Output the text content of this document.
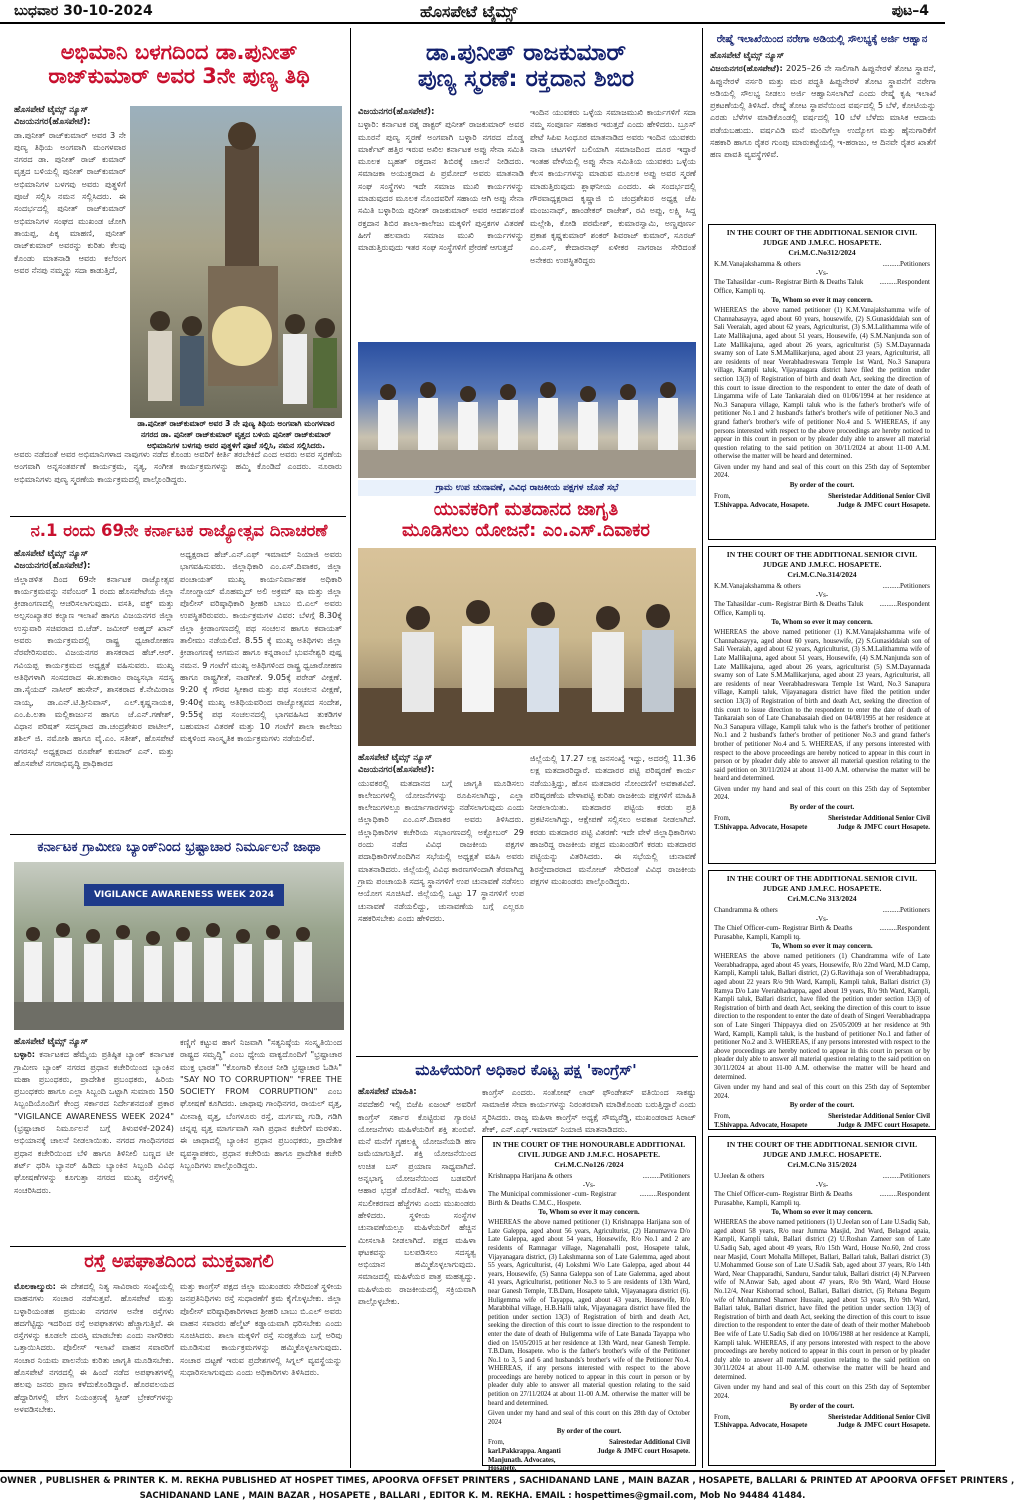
ಬುಧವಾರ 30-10-2024	ಹೊಸಪೇಟೆ ಟೈಮ್ಸ್	ಪುಟ–4
ಅಭಿಮಾನಿ ಬಳಗದಿಂದ ಡಾ.ಪುನೀತ್
ರಾಜ್‌ಕುಮಾರ್ ಅವರ 3ನೇ ಪುಣ್ಯ ತಿಥಿ
ಹೊಸಪೇಟೆ ಟೈಮ್ಸ್ ನ್ಯೂಸ್
ವಿಜಯನಗರ(ಹೊಸಪೇಟೆ):
ಡಾ.ಪುನೀತ್ ರಾಜ್‌ಕುಮಾರ್ ಅವರ 3 ನೇ ಪುಣ್ಯ ತಿಥಿಯ ಅಂಗವಾಗಿ ಮಂಗಳವಾರ ನಗರದ ಡಾ. ಪುನೀತ್ ರಾಜ್ ಕುಮಾರ್ ವೃತ್ತದ ಬಳಿಯಲ್ಲಿ ಪುನೀತ್ ರಾಜ್‌ಕುಮಾರ್ ಅಭಿಮಾನಿಗಳ ಬಳಗವು ಅವರು ಪುತ್ಥಳಿಗೆ ಪೂಜೆ ಸಲ್ಲಿಸಿ ನಮನ ಸಲ್ಲಿಸಿದರು. ಈ ಸಂದರ್ಭದಲ್ಲಿ ಪುನೀತ್ ರಾಜ್‌ಕುಮಾರ್ ಅಭಿಮಾನಿಗಳ ಸಂಘದ ಮುಖಂಡ ಜೋಗಿ ತಾಯಪ್ಪ, ಪಿಕ್ಕ ಮಾಹಣಿ, ಪುನೀತ್ ರಾಜ್‌ಕುಮಾರ್ ಅವರನ್ನು ಕುರಿತು ಕೆಲವು ಕೊಂಡು ಮಾತನಾಡಿ ಆವರು ಕಲೆರಂಗ ಅವರ ನೆನಪು ನಮ್ಮನ್ನು ಸದಾ ಕಾಡುತ್ತಿದೆ,
ಡಾ.ಪುನೀತ್ ರಾಜ್‌ಕುಮಾರ್ ಅವರ 3 ನೇ ಪುಣ್ಯ ತಿಥಿಯ ಅಂಗವಾಗಿ ಮಂಗಳವಾರ ನಗರದ ಡಾ. ಪುನೀತ್ ರಾಜ್‌ಕುಮಾರ್ ವೃತ್ತದ ಬಳಿಯ ಪುನೀತ್ ರಾಜ್‌ಕುಮಾರ್ ಅಭಿಮಾನಿಗಳ ಬಳಗವು ಅವರ ಪುತ್ಥಳಿಗೆ ಪೂಜೆ ಸಲ್ಲಿಸಿ, ನಮನ ಸಲ್ಲಿಸಿದರು.
ಅವರು ನಡೆದಂತೆ ಅವರ ಅಭಿಮಾನಿಗಳಾದ ನಾವುಗಳು ನಡೆದ ಕೊಂಡು ಅವರಿಗೆ ಕೀರ್ತಿ ತರಬೇಕಿದೆ ಎಂದ ಅವರು ಅವರ ಸ್ಮರಣೆಯ ಅಂಗವಾಗಿ ಅನ್ನಸಂತರ್ಪಣೆ ಕಾರ್ಯಕ್ರಮ, ನೃತ್ಯ, ಸಂಗೀತ ಕಾರ್ಯಕ್ರಮಗಳನ್ನು ಹಮ್ಮಿ ಕೊಂಡಿದೆ ಎಂದರು. ನೂರಾರು ಅಭಿಮಾನಿಗಳು ಪುಣ್ಯ ಸ್ಮರಣೆಯ ಕಾರ್ಯಕ್ರಮದಲ್ಲಿ ಪಾಲ್ಗೊಂಡಿದ್ದರು.
ನ.1 ರಂದು 69ನೇ ಕರ್ನಾಟಕ ರಾಜ್ಯೋತ್ಸವ ದಿನಾಚರಣೆ
ಹೊಸಪೇಟೆ ಟೈಮ್ಸ್ ನ್ಯೂಸ್
ವಿಜಯನಗರ(ಹೊಸಪೇಟೆ):
ಜಿಲ್ಲಾಡಳಿತ ದಿಂದ 69ನೇ ಕರ್ನಾಟಕ ರಾಜ್ಯೋತ್ಸವ ಕಾರ್ಯಕ್ರಮವನ್ನು ನವೆಂಬರ್ 1 ರಂದು ಹೊಸಪೇಟೆಯ ಜಿಲ್ಲಾ ಕ್ರೀಡಾಂಗಣದಲ್ಲಿ ಆಚರಿಸಲಾಗುವುದು. ವಸತಿ, ವಕ್ಫ್ ಮತ್ತು ಅಲ್ಪಸಂಖ್ಯಾತರ ಕಲ್ಯಾಣ ಇಲಾಖೆ ಹಾಗೂ ವಿಜಯನಗರ ಜಿಲ್ಲಾ ಉಸ್ತುವಾರಿ ಸಚಿವರಾದ ಬಿ.ಜೆಡ್. ಜಮೀರ್ ಅಹ್ಮದ್ ಖಾನ್ ಅವರು ಕಾರ್ಯಕ್ರಮದಲ್ಲಿ ರಾಷ್ಟ್ರ ಧ್ವಜಾರೋಹಣ ನೆರವೇರಿಸುವರು. ವಿಜಯನಗರ ಶಾಸಕರಾದ ಹೆಚ್.ಆರ್. ಗವಿಯಪ್ಪ ಕಾರ್ಯಕ್ರಮದ ಅಧ್ಯಕ್ಷತೆ ವಹಿಸುವರು. ಮುಖ್ಯ ಅತಿಥಿಗಳಾಗಿ ಸಂಸದರಾದ ಈ.ತುಕಾರಾಂ ರಾಜ್ಯಸಭಾ ಸದಸ್ಯ ಡಾ.ಸೈಯದ್ ನಾಸೀರ್ ಹುಸೇನ್, ಶಾಸಕರಾದ ಕೆ.ನೇಮಿರಾಜ ನಾಯ್ಕ, ಡಾ.ಎನ್.ಟಿ.ಶ್ರೀನಿವಾಸ್, ಎಲ್.ಕೃಷ್ಣನಾಯಕ, ಎಂ.ಪಿ.ಲತಾ ಮಲ್ಲಿಕಾರ್ಜುನ ಹಾಗೂ ಜೆ.ಎನ್.ಗಣೇಶ್, ವಿಧಾನ ಪರಿಷತ್ ಸದಸ್ಯರಾದ ಡಾ.ಚಂದ್ರಶೇಖರ ಪಾಟೀಲ್, ಶಶಿಲ್ ಜಿ. ನಮೋಶಿ ಹಾಗೂ ವೈ.ಎಂ. ಸತೀಶ್, ಹೊಸಪೇಟೆ ನಗರಸಭೆ ಅಧ್ಯಕ್ಷರಾದ ರೂಪೇಶ್ ಕುಮಾರ್ ಎನ್. ಮತ್ತು ಹೊಸಪೇಟೆ ನಗರಾಭಿವೃದ್ಧಿ ಪ್ರಾಧಿಕಾರದ
ಅಧ್ಯಕ್ಷರಾದ ಹೆಚ್.ಎನ್.ಎಫ್ ಇಮಾಮ್ ನಿಯಾಜಿ ಅವರು ಭಾಗವಹಿಸುವರು. ಜಿಲ್ಲಾಧಿಕಾರಿ ಎಂ.ಎಸ್.ದಿವಾಕರ, ಜಿಲ್ಲಾ ಪಂಚಾಯತ್ ಮುಖ್ಯ ಕಾರ್ಯನಿರ್ವಾಹಕ ಅಧಿಕಾರಿ ನೋಂಗ್ಜಾಯ್ ಮೊಹಮ್ಮದ್ ಅಲಿ ಅಕ್ರಮ್ ಷಾ ಮತ್ತು ಜಿಲ್ಲಾ ಪೊಲೀಸ್ ವರಿಷ್ಠಾಧಿಕಾರಿ ಶ್ರೀಹರಿ ಬಾಬು ಬಿ.ಎಲ್ ಅವರು ಉಪಸ್ಥಿತರಿರುವರು. ಕಾರ್ಯಕ್ರಮಗಳ ವಿವರ: ಬೆಳಗ್ಗೆ 8.30ಕ್ಕೆ ಜಿಲ್ಲಾ ಕ್ರೀಡಾಂಗಣದಲ್ಲಿ ಪಥ ಸಂಚಲನ ಹಾಗೂ ಕವಾಯತ್ ತಾಲೀಮು ನಡೆಯಲಿದೆ. 8.55 ಕ್ಕೆ ಮುಖ್ಯ ಅತಿಥಿಗಳು ಜಿಲ್ಲಾ ಕ್ರೀಡಾಂಗಣಕ್ಕೆ ಆಗಮನ ಹಾಗೂ ಕನ್ನಡಾಂಬೆ ಭುವನೇಶ್ವರಿ ಪುಷ್ಪ ನಮನ. 9 ಗಂಟೆಗೆ ಮುಖ್ಯ ಅತಿಥಿಗಳಿಂದ ರಾಷ್ಟ್ರ ಧ್ವಜಾರೋಹಣ ಹಾಗೂ ರಾಷ್ಟ್ರಗೀತೆ, ನಾಡಗೀತೆ. 9.05ಕ್ಕೆ ಪರೇಡ್ ವೀಕ್ಷಣೆ. 9:20 ಕ್ಕೆ ಗೌರವ ಸ್ವೀಕಾರ ಮತ್ತು ಪಥ ಸಂಚಲನ ವೀಕ್ಷಣೆ, 9:40ಕ್ಕೆ ಮುಖ್ಯ ಅತಿಥಿಯವರಿಂದ ರಾಜ್ಯೋತ್ಸವದ ಸಂದೇಶ, 9:55ಕ್ಕೆ ಪಥ ಸಂಚಲನದಲ್ಲಿ ಭಾಗವಹಿಸಿದ ತುಕಡಿಗಳ ಬಹುಮಾನ ವಿತರಣೆ ಮತ್ತು 10 ಗಂಟೆಗೆ ಶಾಲಾ ಕಾಲೇಜು ಮಕ್ಕಳಿಂದ ಸಾಂಸ್ಕೃತಿಕ ಕಾರ್ಯಕ್ರಮಗಳು ನಡೆಯಲಿವೆ.
ಕರ್ನಾಟಕ ಗ್ರಾಮೀಣ ಬ್ಯಾಂಕ್‌ನಿಂದ ಭ್ರಷ್ಟಾಚಾರ ನಿರ್ಮೂಲನೆ ಜಾಥಾ
VIGILANCE AWARENESS WEEK 2024
ಹೊಸಪೇಟೆ ಟೈಮ್ಸ್ ನ್ಯೂಸ್
ಬಳ್ಳಾರಿ: ಕರ್ನಾಟಕದ ಹೆಮ್ಮೆಯ ಪ್ರತಿಷ್ಠಿತ ಬ್ಯಾಂಕ್ ಕರ್ನಾಟಕ ಗ್ರಾಮೀಣ ಬ್ಯಾಂಕ್ ನಗರದ ಪ್ರಧಾನ ಕಚೇರಿಯಿಂದ ಬ್ಯಾಂಕಿನ ಮಹಾ ಪ್ರಬಂಧಕರು, ಪ್ರಾದೇಶಿಕ ಪ್ರಬಂಧಕರು, ಹಿರಿಯ ಪ್ರಬಂಧಕರು ಹಾಗೂ ಎಲ್ಲಾ ಸಿಬ್ಬಂದಿ ಒಟ್ಟಾಗಿ ಸುಮಾರು 150 ಸಿಬ್ಬಂದಿಯೊಂದಿಗೆ ಕೇಂದ್ರ ಸರ್ಕಾರದ ನಿರ್ದೇಶನದಂತೆ ಪ್ರಕಾರ "VIGILANCE AWARENESS WEEK 2024"(ಭ್ರಷ್ಟಾಚಾರ ನಿರ್ಮೂಲನೆ ಬಗ್ಗೆ ತಿಳುವಳಿಕೆ-2024) ಅಭಿಯಾನಕ್ಕೆ ಚಾಲನೆ ನೀಡಲಾಯಿತು. ನಗರದ ಗಾಂಧಿನಗರದ ಪ್ರಧಾನ ಕಚೇರಿಯಿಂದ ಬೆಳಿ ಹಾಗೂ ತಿಳಿನೀಲಿ ಬಣ್ಣದ ಟೀ ಶರ್ಟ್ ಧರಿಸಿ ಬ್ಯಾನರ್ ಹಿಡಿದು ಬ್ಯಾಂಕಿನ ಸಿಬ್ಬಂದಿ ವಿವಿಧ ಘೋಷಣೆಗಳನ್ನು ಕೂಗುತ್ತಾ ನಗರದ ಮುಖ್ಯ ರಸ್ತೆಗಳಲ್ಲಿ ಸಂಚರಿಸಿದರು.
ಕಣ್ಣಿಗೆ ಕಟ್ಟುವ ಹಾಗೆ ನಿಜವಾಗಿ "ಸತ್ಯನಿಷ್ಠೆಯ ಸಂಸ್ಕೃತಿಯಿಂದ ರಾಷ್ಟ್ರದ ಸಮೃದ್ಧಿ" ಎಂಬ ಧ್ಯೇಯ ವಾಕ್ಯದೊಂದಿಗೆ "ಭ್ರಷ್ಟಾಚಾರ ಮುಕ್ತ ಭಾರತ" "ಕೊಂಗಾರಿ ಕೊಂಚ ನೀಡಿ ಭ್ರಷ್ಟಾಚಾರ ಓಡಿಸಿ" "SAY NO TO CORRUPTION" "FREE THE SOCIETY FROM CORRUPTION" ಎಂಬ ಘೋಷಣೆ ಕೂಗಿದರು. ಜಾಥಾವು ಗಾಂಧಿನಗರ, ರಾಯಲ್ ವೃತ್ತ, ಮೀನಾಕ್ಷಿ ವೃತ್ತ, ಬೆಂಗಳೂರು ರಸ್ತೆ, ದುರ್ಗಮ್ಮ ಗುಡಿ, ಗಡಿಗಿ ಚನ್ನಪ್ಪ ವೃತ್ತ ಮಾರ್ಗವಾಗಿ ಸಾಗಿ ಪ್ರಧಾನ ಕಚೇರಿಗೆ ಮರಳಿತು. ಈ ಜಾಥಾದಲ್ಲಿ ಬ್ಯಾಂಕಿನ ಪ್ರಧಾನ ಪ್ರಬಂಧಕರು, ಪ್ರಾದೇಶಿಕ ವ್ಯವಸ್ಥಾಪಕರು, ಪ್ರಧಾನ ಕಚೇರಿಯ ಹಾಗೂ ಪ್ರಾದೇಶಿಕ ಕಚೇರಿ ಸಿಬ್ಬಂದಿಗಳು ಪಾಲ್ಗೊಂಡಿದ್ದರು.
ರಸ್ತೆ ಅಪಘಾತದಿಂದ ಮುಕ್ತವಾಗಲಿ
ಮೊಲಕಾಲ್ಮುರು: ಈ ದೇಶದಲ್ಲಿ ನಿತ್ಯ ಸಾವಿರಾರು ಸಂಖ್ಯೆಯಲ್ಲಿ ವಾಹನಗಳು ಸಂಚಾರ ನಡೆಸುತ್ತವೆ. ಹೊಸಪೇಟೆ ಮತ್ತು ಬಳ್ಳಾರಿಯಂತಹ ಪ್ರಮುಖ ನಗರಗಳ ಅನೇಕ ರಸ್ತೆಗಳು ಹದಗೆಟ್ಟಿದ್ದು ಇದರಿಂದ ರಸ್ತೆ ಅಪಘಾತಗಳು ಹೆಚ್ಚಾಗುತ್ತಿವೆ. ಈ ರಸ್ತೆಗಳನ್ನು ಕೂಡಲೇ ದುರಸ್ತಿ ಮಾಡಬೇಕು ಎಂದು ನಾಗರಿಕರು ಒತ್ತಾಯಿಸಿದರು. ಪೊಲೀಸ್ ಇಲಾಖೆ ವಾಹನ ಸವಾರರಿಗೆ ಸಂಚಾರ ನಿಯಮ ಪಾಲನೆಯ ಕುರಿತು ಜಾಗೃತಿ ಮೂಡಿಸಬೇಕು. ಹೊಸಪೇಟೆ ನಗರದಲ್ಲಿ ಈ ಹಿಂದೆ ನಡೆದ ಅಪಘಾತಗಳಲ್ಲಿ ಹಲವು ಜನರು ಪ್ರಾಣ ಕಳೆದುಕೊಂಡಿದ್ದಾರೆ. ಹೊರವಲಯದ ಹೆದ್ದಾರಿಗಳಲ್ಲಿ ವೇಗ ನಿಯಂತ್ರಣಕ್ಕೆ ಸ್ಪೀಡ್ ಬ್ರೇಕರ್‌ಗಳನ್ನು ಅಳವಡಿಸಬೇಕು.
ಮತ್ತು ಕಾಂಗ್ರೆಸ್ ಪಕ್ಷದ ಜಿಲ್ಲಾ ಮುಖಂಡರು ಸೇರಿದಂತೆ ಸ್ಥಳೀಯ ಜನಪ್ರತಿನಿಧಿಗಳು ರಸ್ತೆ ಸುಧಾರಣೆಗೆ ಕ್ರಮ ಕೈಗೊಳ್ಳಬೇಕು. ಜಿಲ್ಲಾ ಪೊಲೀಸ್ ವರಿಷ್ಠಾಧಿಕಾರಿಗಳಾದ ಶ್ರೀಹರಿ ಬಾಬು ಬಿ.ಎಲ್ ಅವರು ವಾಹನ ಸವಾರರು ಹೆಲ್ಮೆಟ್ ಕಡ್ಡಾಯವಾಗಿ ಧರಿಸಬೇಕು ಎಂದು ಸೂಚಿಸಿದರು. ಶಾಲಾ ಮಕ್ಕಳಿಗೆ ರಸ್ತೆ ಸುರಕ್ಷತೆಯ ಬಗ್ಗೆ ಅರಿವು ಮೂಡಿಸುವ ಕಾರ್ಯಕ್ರಮಗಳನ್ನು ಹಮ್ಮಿಕೊಳ್ಳಲಾಗುವುದು. ಸಂಚಾರ ದಟ್ಟಣೆ ಇರುವ ಪ್ರದೇಶಗಳಲ್ಲಿ ಸಿಗ್ನಲ್ ವ್ಯವಸ್ಥೆಯನ್ನು ಸುಧಾರಿಸಲಾಗುವುದು ಎಂದು ಅಧಿಕಾರಿಗಳು ತಿಳಿಸಿದರು.
ಡಾ.ಪುನೀತ್ ರಾಜಕುಮಾರ್
ಪುಣ್ಯ ಸ್ಮರಣೆ: ರಕ್ತದಾನ ಶಿಬಿರ
ವಿಜಯನಗರ(ಹೊಸಪೇಟೆ):
ಬಳ್ಳಾರಿ: ಕರ್ನಾಟಕ ರತ್ನ ಡಾಕ್ಟರ್ ಪುನೀತ್ ರಾಜಕುಮಾರ್ ಅವರ ಮೂರನೆ ಪುಣ್ಯ ಸ್ಮರಣೆ ಅಂಗವಾಗಿ ಬಳ್ಳಾರಿ ನಗರದ ದೊಡ್ಡ ಮಾರ್ಕೆಟ್ ಹತ್ತಿರ ಇರುವ ಅಖಿಲ ಕರ್ನಾಟಕ ಅಪ್ಪು ಸೇನಾ ಸಮಿತಿ ಮೂಲಕ ಬೃಹತ್ ರಕ್ತದಾನ ಶಿಬಿರಕ್ಕೆ ಚಾಲನೆ ನೀಡಿದರು. ಸಮಾಜಕಾ ಅಯುಕ್ತರಾದ ಪಿ ಪ್ರಮೋದ್ ಅವರು ಮಾತನಾಡಿ ಸಂಘ ಸಂಸ್ಥೆಗಳು ಇದೇ ಸಮಾಜ ಮುಖಿ ಕಾರ್ಯಗಳನ್ನು ಮಾಡುವುದರ ಮೂಲಕ ನೊಂದವರಿಗೆ ಸಹಾಯ ಆಗಿ ಅಪ್ಪು ಸೇನಾ ಸಮಿತಿ ಬಳ್ಳಾರಿಯ ಪುನೀತ್ ರಾಜಕುಮಾರ್ ಅವರ ಆದರ್ಶದಂತೆ ರಕ್ತದಾನ ಶಿಬಿರ ಶಾಲಾ-ಕಾಲೇಜು ಮಕ್ಕಳಿಗೆ ಪುಸ್ತಕಗಳ ವಿತರಣೆ ಹೀಗೆ ಹಲವಾರು ಸಮಾಜ ಮುಖಿ ಕಾರ್ಯಗಳನ್ನು ಮಾಡುತ್ತಿರುವುದು ಇತರ ಸಂಘ ಸಂಸ್ಥೆಗಳಿಗೆ ಪ್ರೇರಣೆ ಆಗುತ್ತದೆ
ಇಂದಿನ ಯುವಕರು ಒಳ್ಳೆಯ ಸಮಾಜಮುಖಿ ಕಾರ್ಯಗಳಿಗೆ ಸದಾ ನಮ್ಮ ಸಂಪೂರ್ಣ ಸಹಕಾರ ಇರುತ್ತದೆ ಎಂದು ಹೇಳಿದರು. ಬ್ರೂಸ್ ಪೇಟೆ ಸಿಪಿಐ ಸಿಂಧೂರ ಮಾತನಾಡಿದ ಅವರು ಇಂದಿನ ಯುವಕರು ನಾನಾ ಚಟಗಳಿಗೆ ಬಲಿಯಾಗಿ ಸಮಾಜದಿಂದ ದೂರ ಇದ್ದಾರೆ ಇಂತಹ ವೇಳೆಯಲ್ಲಿ ಅಪ್ಪು ಸೇನಾ ಸಮಿತಿಯ ಯುವಕರು ಒಳ್ಳೆಯ ಕೆಲಸ ಕಾರ್ಯಗಳನ್ನು ಮಾಡುವ ಮೂಲಕ ಅಪ್ಪು ಅವರ ಸ್ಮರಣೆ ಮಾಡುತ್ತಿರುವುದು ಶ್ಲಾಘನೀಯ ಎಂದರು. ಈ ಸಂದರ್ಭದಲ್ಲಿ ಗೌರವಾಧ್ಯಕ್ಷರಾದ ಕೃಷ್ಣಾಜಿ ಬಿ ಚಂದ್ರಶೇಖರ ಅಧ್ಯಕ್ಷ ಜೆಪಿ ಮಂಜುನಾಥ್, ಹಾಂಡೇಕರ್ ರಾಜೇಶ್, ರವಿ ಅಪ್ಪು, ಲಕ್ಷ್ಮಿ ಸಿದ್ದ ಮಲ್ಲೇಶಿ, ಕೋಡಿ ಪರಮೇಶ್, ಕುಮಾರಸ್ವಾಮಿ, ಅಣ್ಣಪೂರ್ಣ ಪ್ರಕಾಶ ಕೃಷ್ಣಕುಮಾರ್ ಶಂಕರ್ ಶಿವರಾಜ್ ಕುಮಾರ್, ಸೂರಜ್ ಎಂ.ಎಸ್, ಕೇದಾರನಾಥ್ ಏಳೀಕರ ನಾಗರಾಜ ಸೇರಿದಂತೆ ಅನೇಕರು ಉಪಸ್ಥಿತರಿದ್ದರು
ಗ್ರಾಮ ಉಪ ಚುನಾವಣೆ, ವಿವಿಧ ರಾಜಕೀಯ ಪಕ್ಷಗಳ ಜೊತೆ ಸಭೆ
ಯುವಕರಿಗೆ ಮತದಾನದ ಜಾಗೃತಿ
ಮೂಡಿಸಲು ಯೋಜನೆ: ಎಂ.ಎಸ್.ದಿವಾಕರ
ಹೊಸಪೇಟೆ ಟೈಮ್ಸ್ ನ್ಯೂಸ್
ವಿಜಯನಗರ(ಹೊಸಪೇಟೆ):
ಯುವಕರಲ್ಲಿ ಮತದಾನದ ಬಗ್ಗೆ ಜಾಗೃತಿ ಮೂಡಿಸಲು ಕಾಲೇಜುಗಳಲ್ಲಿ ಯೋಜನೆಗಳನ್ನು ರೂಪಿಸಲಾಗಿದ್ದು, ಎಲ್ಲಾ ಕಾಲೇಜುಗಳಲ್ಲೂ ಕಾರ್ಯಾಗಾರಗಳನ್ನು ನಡೆಸಲಾಗುವುದು ಎಂದು ಜಿಲ್ಲಾಧಿಕಾರಿ ಎಂ.ಎಸ್.ದಿವಾಕರ ಅವರು ತಿಳಿಸಿದರು. ಜಿಲ್ಲಾಧಿಕಾರಿಗಳ ಕಚೇರಿಯ ಸಭಾಂಗಣದಲ್ಲಿ ಅಕ್ಟೋಬರ್ 29 ರಂದು ನಡೆದ ವಿವಿಧ ರಾಜಕೀಯ ಪಕ್ಷಗಳ ಪದಾಧಿಕಾರಿಗಳೊಂದಿಗಿನ ಸಭೆಯಲ್ಲಿ ಅಧ್ಯಕ್ಷತೆ ವಹಿಸಿ ಅವರು ಮಾತನಾಡಿದರು. ಜಿಲ್ಲೆಯಲ್ಲಿ ವಿವಿಧ ಕಾರಣಗಳಿಂದಾಗಿ ತೆರವಾಗಿದ್ದ ಗ್ರಾಮ ಪಂಚಾಯತಿ ಸದಸ್ಯ ಸ್ಥಾನಗಳಿಗೆ ಉಪ ಚುನಾವಣೆ ನಡೆಸಲು ಆಯೋಗ ಸೂಚಿಸಿದೆ. ಜಿಲ್ಲೆಯಲ್ಲಿ ಒಟ್ಟು 17 ಸ್ಥಾನಗಳಿಗೆ ಉಪ ಚುನಾವಣೆ ನಡೆಯಲಿದ್ದು, ಚುನಾವಣೆಯ ಬಗ್ಗೆ ಎಲ್ಲರೂ ಸಹಕರಿಸಬೇಕು ಎಂದು ಹೇಳಿದರು.
ಜಿಲ್ಲೆಯಲ್ಲಿ 17.27 ಲಕ್ಷ ಜನಸಂಖ್ಯೆ ಇದ್ದು, ಅದರಲ್ಲಿ 11.36 ಲಕ್ಷ ಮತದಾರರಿದ್ದಾರೆ. ಮತದಾರರ ಪಟ್ಟಿ ಪರಿಷ್ಕರಣೆ ಕಾರ್ಯ ನಡೆಯುತ್ತಿದ್ದು, ಹೊಸ ಮತದಾರರ ನೋಂದಣಿಗೆ ಅವಕಾಶವಿದೆ. ಪರಿಷ್ಕರಣೆಯ ವೇಳಾಪಟ್ಟಿ ಕುರಿತು ರಾಜಕೀಯ ಪಕ್ಷಗಳಿಗೆ ಮಾಹಿತಿ ನೀಡಲಾಯಿತು. ಮತದಾರರ ಪಟ್ಟಿಯ ಕರಡು ಪ್ರತಿ ಪ್ರಕಟಿಸಲಾಗಿದ್ದು, ಆಕ್ಷೇಪಣೆ ಸಲ್ಲಿಸಲು ಅವಕಾಶ ನೀಡಲಾಗಿದೆ. ಕರಡು ಮತದಾರರ ಪಟ್ಟಿ ವಿತರಣೆ: ಇದೇ ವೇಳೆ ಜಿಲ್ಲಾಧಿಕಾರಿಗಳು ಹಾಜರಿದ್ದ ರಾಜಕೀಯ ಪಕ್ಷದ ಮುಖಂಡರಿಗೆ ಕರಡು ಮತದಾರರ ಪಟ್ಟಿಯನ್ನು ವಿತರಿಸಿದರು. ಈ ಸಭೆಯಲ್ಲಿ ಚುನಾವಣೆ ಶಿರಸ್ತೇದಾರರಾದ ಮನೋಜ್ ಸೇರಿದಂತೆ ವಿವಿಧ ರಾಜಕೀಯ ಪಕ್ಷಗಳ ಮುಖಂಡರು ಪಾಲ್ಗೊಂಡಿದ್ದರು.
ಮಹಿಳೆಯರಿಗೆ ಅಧಿಕಾರ ಕೊಟ್ಟ ಪಕ್ಷ 'ಕಾಂಗ್ರೆಸ್'
ಹೊಸಪೇಟೆ ಮಾಹಿತಿ:
ನವದೆಹಲಿ ಇಲ್ಲಿ ಬಿಜೆಪಿ ಏಜಂಟ್ ಅವರಿಗೆ ಕಾಂಗ್ರೆಸ್ ಸರ್ಕಾರ ಕೊಟ್ಟಿರುವ ಗ್ಯಾರಂಟಿ ಯೋಜನೆಗಳು ಮಹಿಳೆಯರಿಗೆ ಶಕ್ತಿ ತುಂಬಿವೆ. ಮನೆ ಮನೆಗೆ ಗೃಹಲಕ್ಷ್ಮಿ ಯೋಜನೆಯಡಿ ಹಣ ಜಮೆಯಾಗುತ್ತಿದೆ. ಶಕ್ತಿ ಯೋಜನೆಯಿಂದ ಉಚಿತ ಬಸ್ ಪ್ರಯಾಣ ಸಾಧ್ಯವಾಗಿದೆ. ಅನ್ನಭಾಗ್ಯ ಯೋಜನೆಯಿಂದ ಬಡವರಿಗೆ ಆಹಾರ ಭದ್ರತೆ ದೊರೆತಿದೆ. ಇವೆಲ್ಲ ಮಹಿಳಾ ಸಬಲೀಕರಣದ ಹೆಜ್ಜೆಗಳು ಎಂದು ಮುಖಂಡರು ಹೇಳಿದರು. ಸ್ಥಳೀಯ ಸಂಸ್ಥೆಗಳ ಚುನಾವಣೆಯಲ್ಲೂ ಮಹಿಳೆಯರಿಗೆ ಹೆಚ್ಚಿನ ಮೀಸಲಾತಿ ನೀಡಲಾಗಿದೆ. ಪಕ್ಷದ ಮಹಿಳಾ ಘಟಕವನ್ನು ಬಲಪಡಿಸಲು ಸದಸ್ಯತ್ವ ಅಭಿಯಾನ ಹಮ್ಮಿಕೊಳ್ಳಲಾಗುವುದು. ಸಮಾಜದಲ್ಲಿ ಮಹಿಳೆಯರ ಪಾತ್ರ ಮಹತ್ವದ್ದು. ಮಹಿಳೆಯರು ರಾಜಕೀಯದಲ್ಲಿ ಸಕ್ರಿಯವಾಗಿ ಪಾಲ್ಗೊಳ್ಳಬೇಕು.
ಕಾಂಗ್ರೆಸ್ ಎಂದರು. ಸಂತೋಷ್ ಲಾಡ್ ಫೌಂಡೇಶನ್ ವತಿಯಿಂದ ಸಾಕಷ್ಟು ಸಾಮಾಜಿಕ ಸೇವಾ ಕಾರ್ಯಗಳನ್ನು ನಿರಂತರವಾಗಿ ಮಾಡಿಕೊಂಡು ಬರುತ್ತಿದ್ದಾರೆ ಎಂದು ಸ್ಮರಿಸಿದರು. ರಾಜ್ಯ ಮಹಿಳಾ ಕಾಂಗ್ರೆಸ್ ಅಧ್ಯಕ್ಷೆ ಸೌಮ್ಯರೆಡ್ಡಿ, ಮುಖಂಡರಾದ ಸಿರಾಜ್ ಶೇಕ್, ಎನ್.ಎಫ್.ಇಮಾಮ್ ನಿಯಾಜಿ ಮಾತನಾಡಿದರು.
IN THE COURT OF THE HONOURABLE ADDITIONAL CIVIL JUDGE AND J.M.F.C. HOSAPETE.
Cri.M.C.No126 /2024
Krishnappa Harijana & others	..........Petitioners
-Vs-
The Municipal commissioner -cum- Registrar Birth & Deaths C.M.C., Hospete.
..........Respondent
To, Whom so ever it may concern.
WHEREAS the above named petitioner (1) Krishnappa Harijana son of Late Galeppa, aged about 56 years, Agriculturist, (2) Hanumavva D/o Late Galeppa, aged about 54 years, Housewife, R/o No.1 and 2 are residents of Ramnagar village, Nagenahalli post, Hosapete taluk, Vijayanagara district, (3) Lakshmanna son of Late Galemma, aged about 55 years, Agriculturist, (4) Lokshmi W/o Late Galeppa, aged about 44 years, Housewife, (5) Sanna Galeppa son of Late Galemma, aged about 41 years, Agriculturist, petitioner No.3 to 5 are residents of 13th Ward, near Ganesh Temple, T.B.Dam, Hosapete taluk, Vijayanagara district (6). Huligemma wife of Tayappa, aged about 43 years, Housewife, R/o Marabbihal village, H.B.Halli taluk, Vijayanagara district have filed the petition under section 13(3) of Registration of birth and death Act, seeking the direction of this court to issue direction to the respondent to enter the date of death of Huligemma wife of Late Banada Tayappa who died on 15/05/2015 at her residence at 13th Ward, near Ganesh Temple. T.B.Dam, Hosapete. who is the father's brother's wife of the Petitioner No.1 to 3, 5 and 6 and husbands's brother's wife of the Petitioner No.4. WHEREAS, if any persons interested with respect to the above proceedings are hereby noticed to appear in this court in person or by pleader duly able to answer all material question relating to the said petition on 27/11/2024 at about 11-00 A.M. otherwise the matter will be heard and determined.
Given under my hand and seal of this court on this 28th day of October 2024
By order of the court.
From,
karl.Pakkrappa. Anganti Manjunath. Advocates, Hosapete.
Sairestedar Additional Civil Judge & JMFC court Hosapete.
ರೇಷ್ಮೆ ಇಲಾಖೆಯಿಂದ ನರೇಗಾ ಅಡಿಯಲ್ಲಿ ಸೌಲಭ್ಯಕ್ಕೆ ಅರ್ಜಿ ಆಹ್ವಾನ
ಹೊಸಪೇಟೆ ಟೈಮ್ಸ್ ನ್ಯೂಸ್
ವಿಜಯನಗರ(ಹೊಸಪೇಟೆ): 2025–26 ನೇ ಸಾಲಿಗಾಗಿ ಹಿಪ್ಪುನೇರಳೆ ತೋಟ ಸ್ಥಾಪನೆ, ಹಿಪ್ಪುನೇರಳೆ ನರ್ಸರಿ ಮತ್ತು ಮರ ಪದ್ಧತಿ ಹಿಪ್ಪುನೇರಳೆ ತೋಟ ಸ್ಥಾಪನೆಗೆ ನರೇಗಾ ಅಡಿಯಲ್ಲಿ ಸೌಲಭ್ಯ ನೀಡಲು ಅರ್ಜಿ ಆಹ್ವಾನಿಸಲಾಗಿದೆ ಎಂದು ರೇಷ್ಮೆ ಕೃಷಿ ಇಲಾಖೆ ಪ್ರಕಟಣೆಯಲ್ಲಿ ತಿಳಿಸಿದೆ. ರೇಷ್ಮೆ ತೋಟ ಸ್ಥಾಪನೆಯಿಂದ ವರ್ಷದಲ್ಲಿ 5 ಬೆಳೆ, ಕೋಟಿಯನ್ನು ಎರಡು ಬೆಳೆಗಳ ಮಾಡಿಕೊಂಡಲ್ಲಿ ವರ್ಷದಲ್ಲಿ 10 ಬೆಳೆ ಬೆಳೆದು ಮಾಸಿಕ ಆದಾಯ ಪಡೆಯಬಹುದು. ವರ್ಷವಿಡಿ ಮನೆ ಮಂದಿಗೆಲ್ಲಾ ಉದ್ಯೋಗ ಮತ್ತು ಹೈನುಗಾರಿಕೆಗೆ ಸಹಕಾರಿ ಹಾಗೂ ರೈತರ ಗುಂಪು ಮಾರುಕಟ್ಟೆಯಲ್ಲಿ ಇ-ಹರಾಜು, ಆ ದಿನವೇ ರೈತರ ಖಾತೆಗೆ ಹಣ ಪಾವತಿ ವ್ಯವಸ್ಥೆಗಳಿವೆ.
IN THE COURT OF THE ADDITIONAL SENIOR CIVIL JUDGE AND J.M.F.C. HOSAPETE.
Cri.M.C.No312/2024
K.M.Vanajakshamma & others	..........Petitioners
-Vs-
The Tahasildar -cum- Registrar Birth & Deaths Taluk Office, Kampli tq.
..........Respondent
To, Whom so ever it may concern.
WHEREAS the above named petitioner (1) K.M.Vanajakshamma wife of Channabasayya, aged about 60 years, housewife, (2) S.Gunasiddaiah son of Sali Veeraiah, aged about 62 years, Agriculturist, (3) S.M.Lalithamma wife of Late Mallikajuna, aged about 51 years, Housewife, (4) S.M.Nanjunda son of Late Mallikajuna, aged about 26 years, agriculturist (5) S.M.Dayannada swamy son of Late S.M.Mallikarjuna, aged about 23 years, Agriculturist, all are residents of near Veerabhadreswara Temple 1st Ward, No.3 Sanapura village, Kampli taluk, Vijayanagara district have filed the petition under section 13(3) of Registration of birth and death Act, seeking the direction of this court to issue direction to the respondent to enter the date of death of Lingamma wife of Late Tankaraiah died on 01/06/1994 at her residence at No.3 Sanapura village, Kampli taluk who is the father's brother's wife of petitioner No.1 and 2 husband's father's brother's wife of petitioner No.3 and grand father's brother's wife of petitioner No.4 and 5. WHEREAS, if any persons interested with respect to the above proceedings are hereby noticed to appear in this court in person or by pleader duly able to answer all material question relating to the said petition on 30/11/2024 at about 11-00 A.M. otherwise the matter will be heard and determined.
Given under my hand and seal of this court on this 25th day of September 2024.
By order of the court.
From,
T.Shivappa. Advocate, Hosapete.
Sheristedar Additional Senior Civil Judge & JMFC court Hosapete.
IN THE COURT OF THE ADDITIONAL SENIOR CIVIL JUDGE AND J.M.F.C. HOSAPETE.
Cri.M.C.No.314/2024
K.M.Vanajakshamma & others	..........Petitioners
-Vs-
The Tahasildar -cum- Registrar Birth & Deaths Taluk Office, Kampli tq.
..........Respondent
To, Whom so ever it may concern.
WHEREAS the above named petitioner (1) K.M.Vanajakshamma wife of Channabasayya, aged about 60 years, housewife, (2) S.Gunasiddaiah son of Sali Veeraiah, aged about 62 years, Agriculturist, (3) S.M.Lalithamma wife of Late Mallikajuna, aged about 51 years, Housewife, (4) S.M.Nanjunda son of Late Mallikajuna, aged about 26 years, agriculturist (5) S.M.Dayannada swamy son of Late S.M.Mallikarjuna, aged about 23 years, Agriculturist, all are residents of near Veerabhadreswara Temple 1st Ward, No.3 Sanapura village, Kampli taluk, Vijayanagara district have filed the petition under section 13(3) of Registration of birth and death Act, seeking the direction of this court to issue direction to the respondent to enter the date of death of Tankaraiah son of Late Chanabasaiah died on 04/08/1995 at her residence at No.3 Sanapura village, Kampli taluk who is the father's brother of petitioner No.1 and 2 husband's father's brother of petitioner No.3 and grand father's brother of petitioner No.4 and 5. WHEREAS, if any persons interested with respect to the above proceedings are hereby noticed to appear in this court in person or by pleader duly able to answer all material question relating to the said petition on 30/11/2024 at about 11-00 A.M. otherwise the matter will be heard and determined.
Given under my hand and seal of this court on this 25th day of September 2024.
By order of the court.
From,
T.Shivappa. Advocate, Hosapete
Sheristedar Additional Senior Civil Judge & JMFC court Hosapete.
IN THE COURT OF THE ADDITIONAL SENIOR CIVIL JUDGE AND J.M.F.C. HOSAPETE.
Cri.M.C.No 313/2024
Chandramma & others	..........Petitioners
-Vs-
The Chief Officer-cum- Registrar Birth & Deaths Purasabhe, Kampli, Kampli tq.
..........Respondent
To, Whom so ever it may concern.
WHEREAS the above named petitioners (1) Chandramma wife of Late Veerabhadrappa, aged about 45 years, Housewife, R/o 22nd Ward, M.D Camp, Kampli, Kampli taluk, Ballari district, (2) G.Ravithaja son of Veerabhadrappa, aged about 22 years R/o 9th Ward, Kampli, Kampli taluk, Ballari district (3) Ramya D/o Late Veerabhadrappa, aged about 19 years, R/o 9th Ward, Kampli, Kampli taluk, Ballari district, have filed the petition under section 13(3) of Registration of birth and death Act, seeking the direction of this court to issue direction to the respondent to enter the date of death of Singeri Veerabhadrappa son of Late Singeri Thippayya died on 25/05/2009 at her residence at 9th Ward, Kampli, Kampli taluk, is the husband of petitioner No.1 and father of petitioner No.2 and 3. WHEREAS, if any persons interested with respect to the above proceedings are hereby noticed to appear in this court in person or by pleader duly able to answer all material question relating to the said petition on 30/11/2024 at about 11-00 A.M. otherwise the matter will be heard and determined.
Given under my hand and seal of this court on this 25th day of September 2024.
By order of the court.
From,
T.Shivappa. Advocate, Hosapete
Sheristedar Additional Senior Civil Judge & JMFC court Hosapete.
IN THE COURT OF THE ADDITIONAL SENIOR CIVIL JUDGE AND J.M.F.C. HOSAPETE.
Cri.M.C.No 315/2024
U.Jeelan & others	..........Petitioners
-Vs-
The Chief Officer-cum- Registrar Birth & Deaths Purasabhe, Kampli, Kampli tq.
..........Respondent
To, Whom so ever it may concern.
WHEREAS the above named petitioners (1) U.Jeelan son of Late U.Sadiq Sab, aged about 58 years, R/o near Jumma Masjid, 2nd Ward, Belagod apaia, Kampli, Kampli taluk, Ballari district (2) U.Roshan Zameer son of Late U.Sadiq Sab, aged about 49 years, R/o 15th Ward, House No.60, 2nd cross near Masjid, Court Mohalla Millepet, Ballari, Ballari taluk, Ballari district (3) U.Mohammed Gouse son of Late U.Sadik Sab, aged about 37 years, R/o 14th Ward, Near Chapparadhi, Sanduru, Sandur taluk, Ballari district (4) N.Parveen wife of N.Anwar Sab, aged about 47 years, R/o 9th Ward, Ward House No.12/4, Near Kishorrad school, Ballari, Ballari district, (5) Rehana Begum wife of Mohammed Shameer Hussain, aged about 53 years, R/o 9th Ward, Ballari taluk, Ballari district, have filed the petition under section 13(3) of Registration of birth and death Act, seeking the direction of this court to issue direction to the respondent to enter the date of death of their mother Maheboob Bee wife of Late U.Sadiq Sab died on 10/06/1988 at her residence at Kampli, Kampli taluk. WHEREAS, if any persons interested with respect to the above proceedings are hereby noticed to appear in this court in person or by pleader duly able to answer all material question relating to the said petition on 30/11/2024 at about 11-00 A.M. otherwise the matter will be heard and determined.
Given under my hand and seal of this court on this 25th day of September 2024.
By order of the court.
From,
T.Shivappa. Advocate, Hosapete
Sheristedar Additional Senior Civil Judge & JMFC court Hosapete.
OWNER , PUBLISHER & PRINTER K. M. REKHA PUBLISHED AT HOSPET TIMES, APOORVA OFFSET PRINTERS , SACHIDANAND LANE , MAIN BAZAR , HOSAPETE, BALLARI & PRINTED AT APOORVA OFFSET PRINTERS ,
SACHIDANAND LANE , MAIN BAZAR , HOSAPETE , BALLARI , EDITOR K. M. REKHA. EMAIL : hospettimes@gmail.com, Mob No 94484 41484.
